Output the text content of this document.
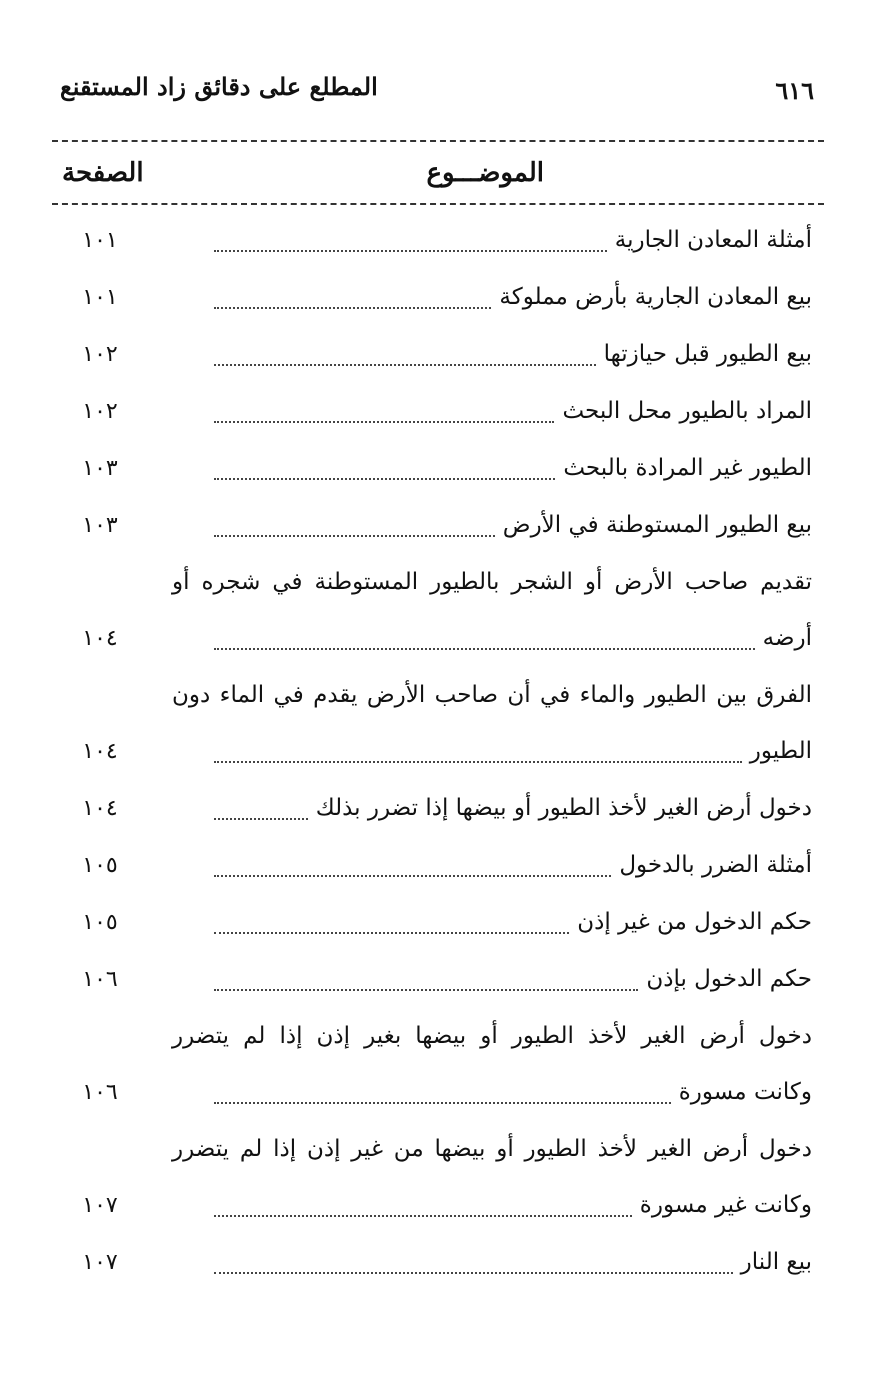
٦١٦
المطلع على دقائق زاد المستقنع
الموضـــوع
الصفحة
أمثلة المعادن الجارية
١٠١
بيع المعادن الجارية بأرض مملوكة
١٠١
بيع الطيور قبل حيازتها
١٠٢
المراد بالطيور محل البحث
١٠٢
الطيور غير المرادة بالبحث
١٠٣
بيع الطيور المستوطنة في الأرض
١٠٣
تقديم صاحب الأرض أو الشجر بالطيور المستوطنة في شجره أو
أرضه
١٠٤
الفرق بين الطيور والماء في أن صاحب الأرض يقدم في الماء دون
الطيور
١٠٤
دخول أرض الغير لأخذ الطيور أو بيضها إذا تضرر بذلك
١٠٤
أمثلة الضرر بالدخول
١٠٥
حكم الدخول من غير إذن
١٠٥
حكم الدخول بإذن
١٠٦
دخول أرض الغير لأخذ الطيور أو بيضها بغير إذن إذا لم يتضرر
وكانت مسورة
١٠٦
دخول أرض الغير لأخذ الطيور أو بيضها من غير إذن إذا لم يتضرر
وكانت غير مسورة
١٠٧
بيع النار
١٠٧
